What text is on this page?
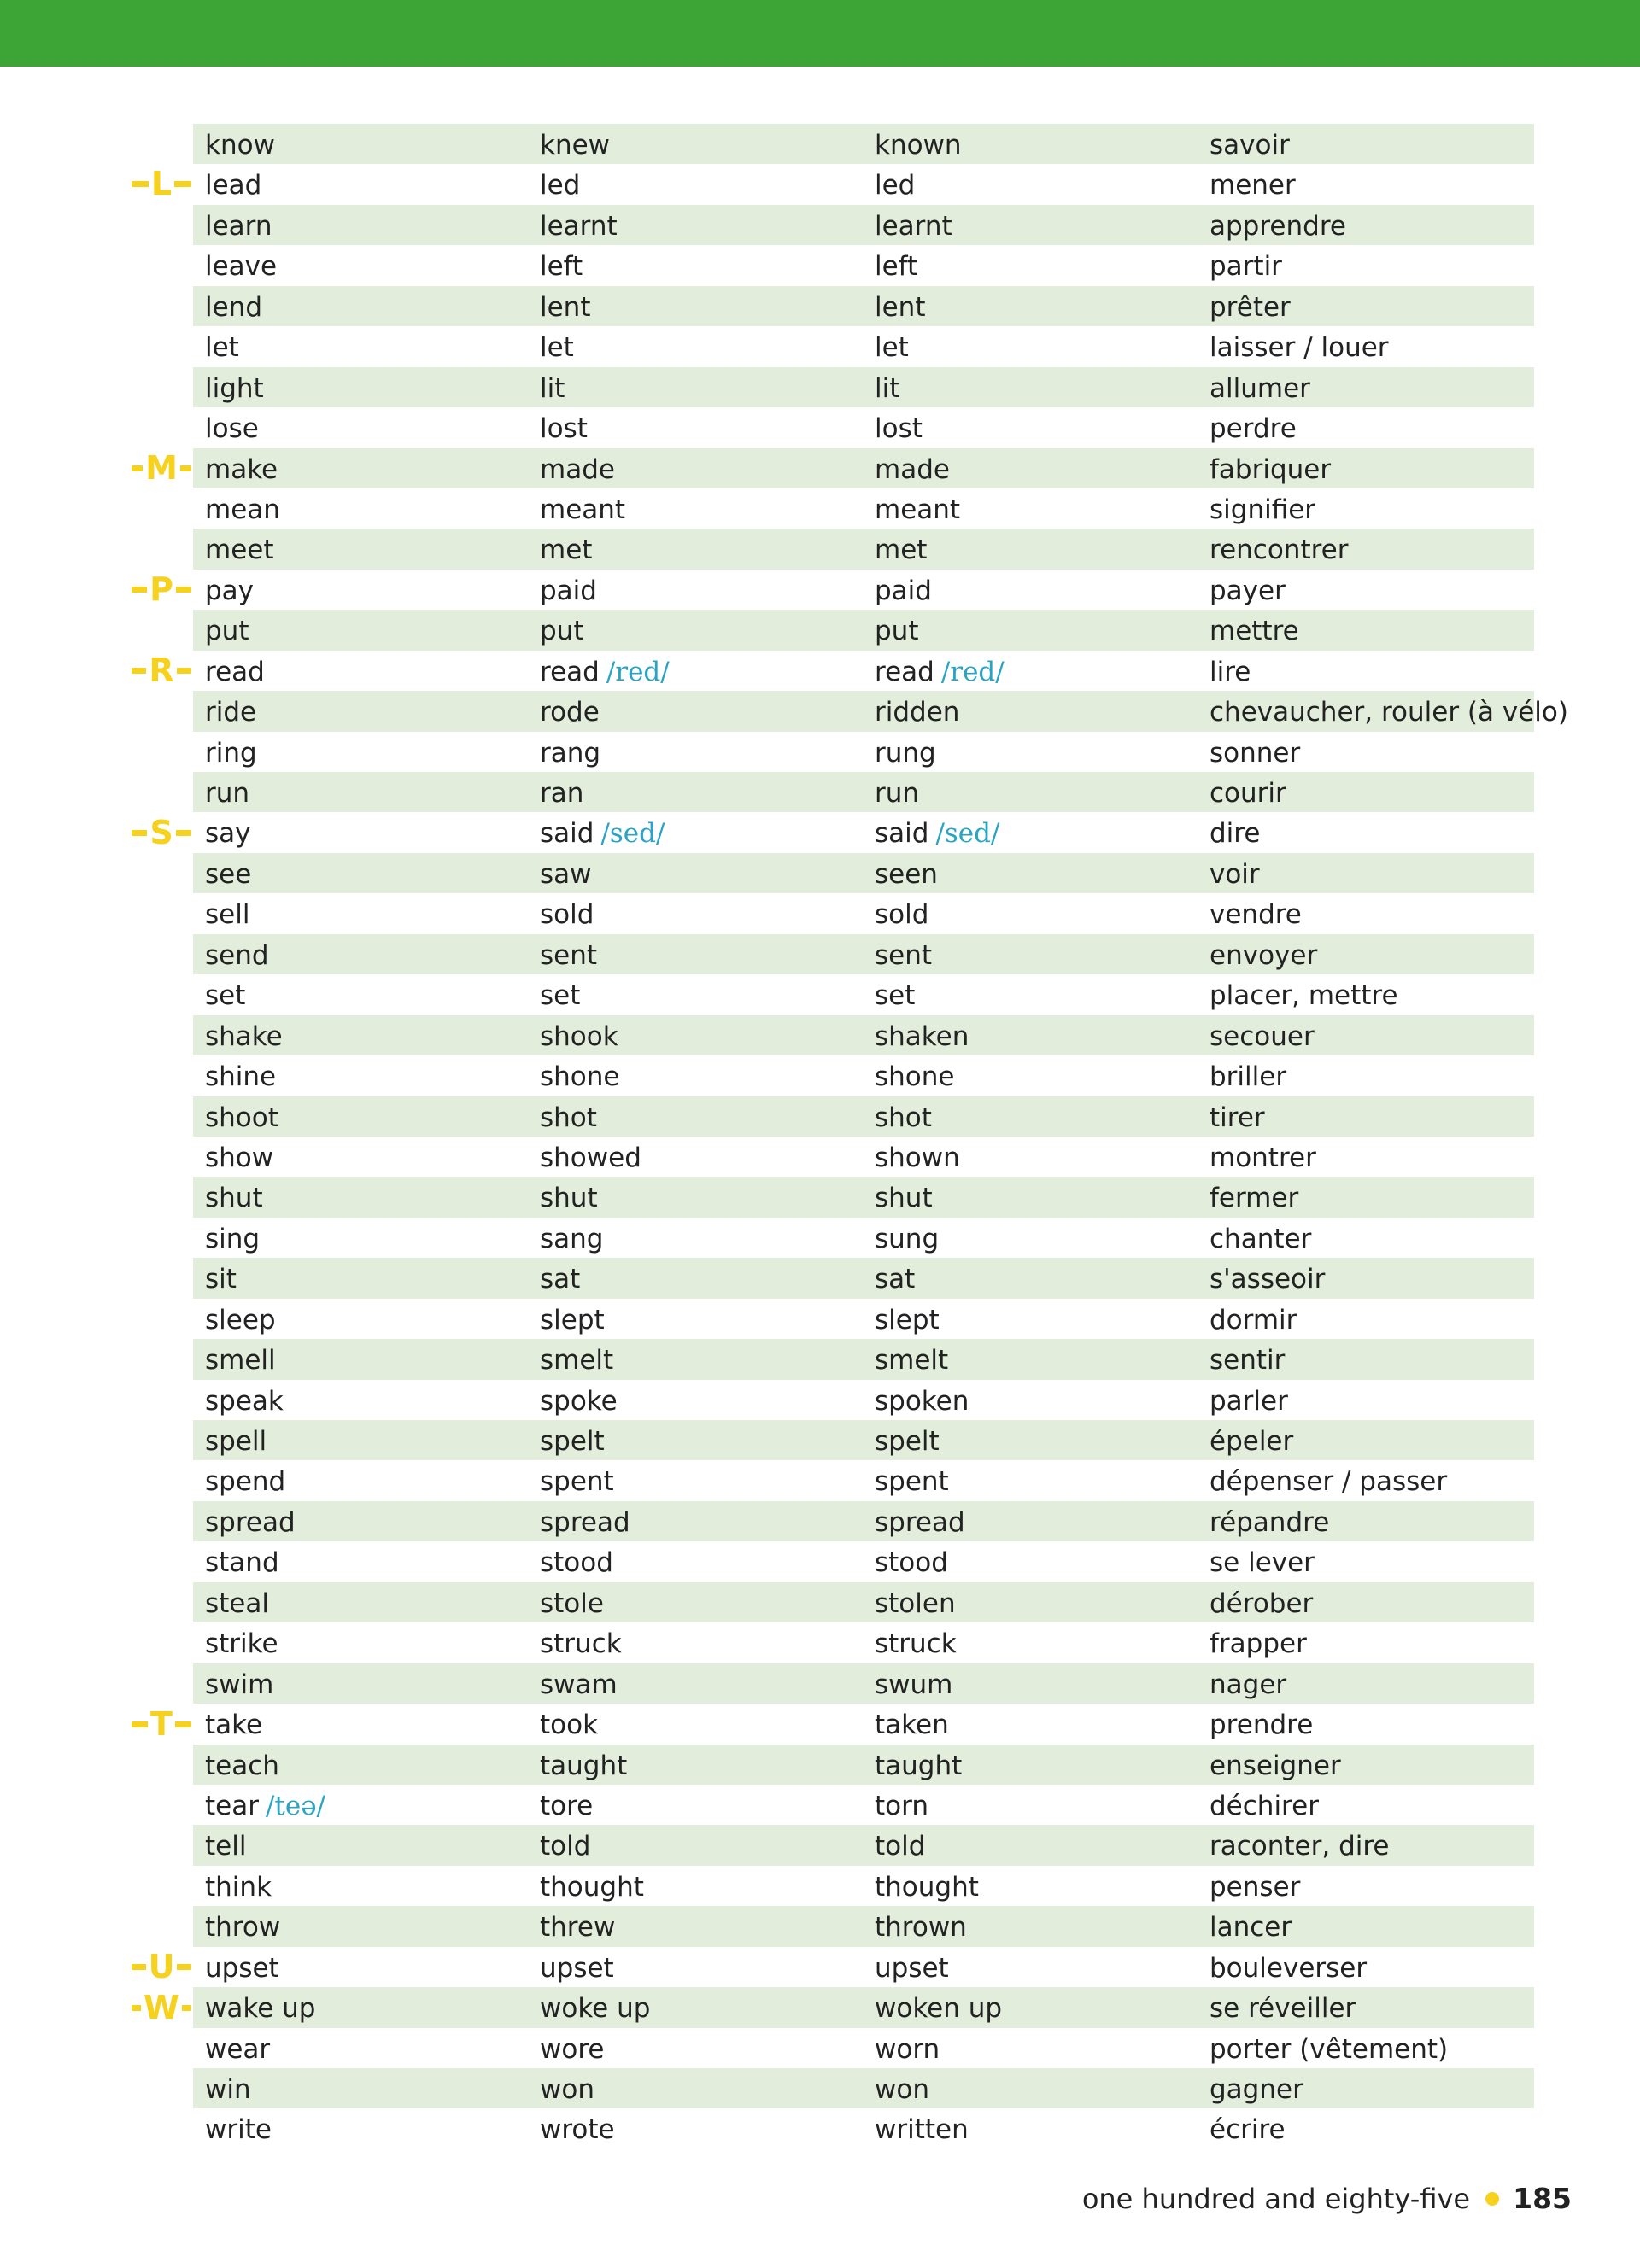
L
M
P
R
S
T
U
W
know	knew	known	savoir
lead	led	led	mener
learn	learnt	learnt	apprendre
leave	left	left	partir
lend	lent	lent	prêter
let	let	let	laisser / louer
light	lit	lit	allumer
lose	lost	lost	perdre
make	made	made	fabriquer
mean	meant	meant	signifier
meet	met	met	rencontrer
pay	paid	paid	payer
put	put	put	mettre
read	read /red/	read /red/	lire
ride	rode	ridden	chevaucher, rouler (à vélo)
ring	rang	rung	sonner
run	ran	run	courir
say	said /sed/	said /sed/	dire
see	saw	seen	voir
sell	sold	sold	vendre
send	sent	sent	envoyer
set	set	set	placer, mettre
shake	shook	shaken	secouer
shine	shone	shone	briller
shoot	shot	shot	tirer
show	showed	shown	montrer
shut	shut	shut	fermer
sing	sang	sung	chanter
sit	sat	sat	s'asseoir
sleep	slept	slept	dormir
smell	smelt	smelt	sentir
speak	spoke	spoken	parler
spell	spelt	spelt	épeler
spend	spent	spent	dépenser / passer
spread	spread	spread	répandre
stand	stood	stood	se lever
steal	stole	stolen	dérober
strike	struck	struck	frapper
swim	swam	swum	nager
take	took	taken	prendre
teach	taught	taught	enseigner
tear /teə/	tore	torn	déchirer
tell	told	told	raconter, dire
think	thought	thought	penser
throw	threw	thrown	lancer
upset	upset	upset	bouleverser
wake up	woke up	woken up	se réveiller
wear	wore	worn	porter (vêtement)
win	won	won	gagner
write	wrote	written	écrire
one hundred and eighty-five 185
